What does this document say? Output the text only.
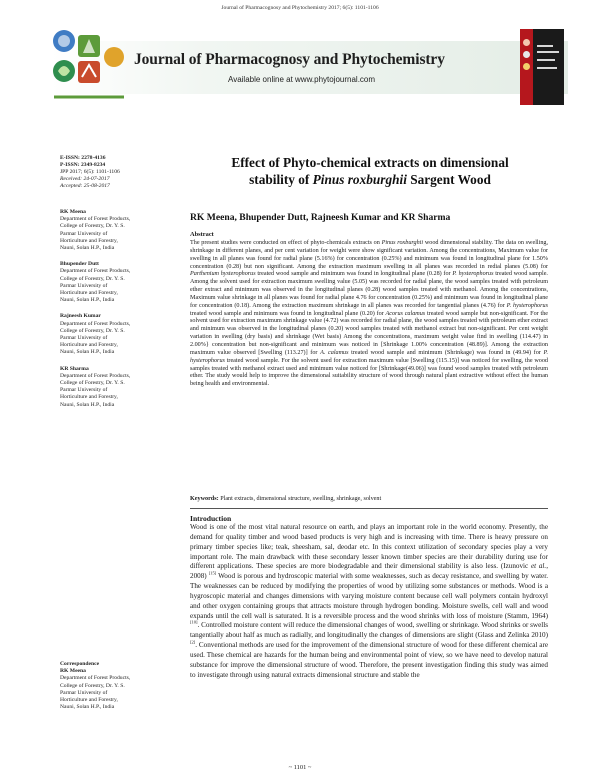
Journal of Pharmacognosy and Phytochemistry 2017; 6(5): 1101-1106
Journal of Pharmacognosy and Phytochemistry
Available online at www.phytojournal.com
E-ISSN: 2278-4136
P-ISSN: 2349-8234
JPP 2017; 6(5): 1101-1106
Received: 24-07-2017
Accepted: 25-08-2017
RK Meena
Department of Forest Products,
College of Forestry, Dr. Y. S.
Parmar University of
Horticulture and Forestry,
Nauni, Solan H.P., India
Bhupender Dutt
Department of Forest Products,
College of Forestry, Dr. Y. S.
Parmar University of
Horticulture and Forestry,
Nauni, Solan H.P., India
Rajneesh Kumar
Department of Forest Products,
College of Forestry, Dr. Y. S.
Parmar University of
Horticulture and Forestry,
Nauni, Solan H.P., India
KR Sharma
Department of Forest Products,
College of Forestry, Dr. Y. S.
Parmar University of
Horticulture and Forestry,
Nauni, Solan H.P., India
Correspondence
RK Meena
Department of Forest Products,
College of Forestry, Dr. Y. S.
Parmar University of
Horticulture and Forestry,
Nauni, Solan H.P., India
Effect of Phyto-chemical extracts on dimensional
stability of Pinus roxburghii Sargent Wood
RK Meena, Bhupender Dutt, Rajneesh Kumar and KR Sharma
Abstract
The present studies were conducted on effect of phyto-chemicals extracts on Pinus roxburghii wood dimensional stability. The data on swelling, shrinkage in different planes, and per cent variation for weight were show significant variation. Among the concentrations, Maximum value for swelling in all planes was found for radial plane (5.16%) for concentration (0.25%) and minimum was found in longitudinal plane for 1.50% concentration (0.28) but non significant. Among the extraction maximum swelling in all planes was recorded in redial planes (5.08) for Parthenium hysterophorus treated wood sample and minimum was found in longitudinal plane (0.28) for P. hysterophorus treated wood sample. Among the solvent used for extraction maximum swelling value (5.05) was recorded for radial plane, the wood samples treated with petroleum ether extract and minimum was observed in the longitudinal planes (0.28) wood samples treated with methanol. Among the concentrations, Maximum value shrinkage in all planes was found for radial plane 4.76 for concentration (0.25%) and minimum was found in longitudinal plane for concentration (0.18). Among the extraction maximum shrinkage in all planes was recorded for tangential planes (4.76) for P. hysterophorus treated wood sample and minimum was found in longitudinal plane (0.20) for Acorus calamus treated wood sample but non-significant. For the solvent used for extraction maximum shrinkage value (4.72) was recorded for radial plane, the wood samples treated with petroleum ether extract and minimum was observed in the longitudinal planes (0.20) wood samples treated with methanol extract but non-significant. Per cent weight variation in swelling (dry basis) and shrinkage (Wet basis) Among the concentrations, maximum weight value find in swelling (114.47) in 2.00%} concentration but non-significant and minimum was noticed in [Shrinkage 1.00% concentration (48.89)]. Among the extraction maximum value observed [Swelling (113.27)] for A. calamus treated wood sample and minimum (Shrinkage) was found in (49.94) for P. hysterophorus treated wood sample. For the solvent used for extraction maximum value [Swelling (115.15)] was noticed for swelling, the wood samples treated with methanol extract used and minimum value noticed for [Shrinkage(49.06)] was found wood samples treated with petroleum ether. The study would help to improve the dimensional suitability structure of wood through natural plant extractive without effect the human being health and environmental.
Keywords: Plant extracts, dimensional structure, swelling, shrinkage, solvent
Introduction
Wood is one of the most vital natural resource on earth, and plays an important role in the world economy. Presently, the demand for quality timber and wood based products is very high and is increasing with time. There is heavy pressure on primary timber species like; teak, sheesham, sal, deodar etc. In this context utilization of secondary species play a very important role. The main drawback with these secondary lesser known timber species are their durability during use for different applications. These species are more biodegradable and their dimensional stability is also less. (Izunovic et al., 2008) [15] Wood is porous and hydroscopic material with some weaknesses, such as decay resistance, and swelling by water. The weaknesses can be reduced by modifying the properties of wood by utilizing some substances or methods. Wood is a hygroscopic material and changes dimensions with varying moisture content because cell wall polymers contain hydroxyl and other oxygen containing groups that attracts moisture through hydrogen bonding. Moisture swells, cell wall and wood expands until the cell wall is saturated. It is a reversible process and the wood shrinks with loss of moisture (Stamm, 1964) [10]. Controlled moisture content will reduce the dimensional changes of wood, swelling or shrinkage. Wood shrinks or swells tangentially about half as much as radially, and longitudinally the changes of dimensions are slight (Glass and Zelinka 2010) [2]. Conventional methods are used for the improvement of the dimensional structure of wood for these different chemical are used. These chemical are hazards for the human being and environmental point of view, so we have need to develop natural substance for improve the dimensional structure of wood. Therefore, the present investigation finding this study was aimed to investigate through using natural extracts dimensional structure and stable the
~ 1101 ~
